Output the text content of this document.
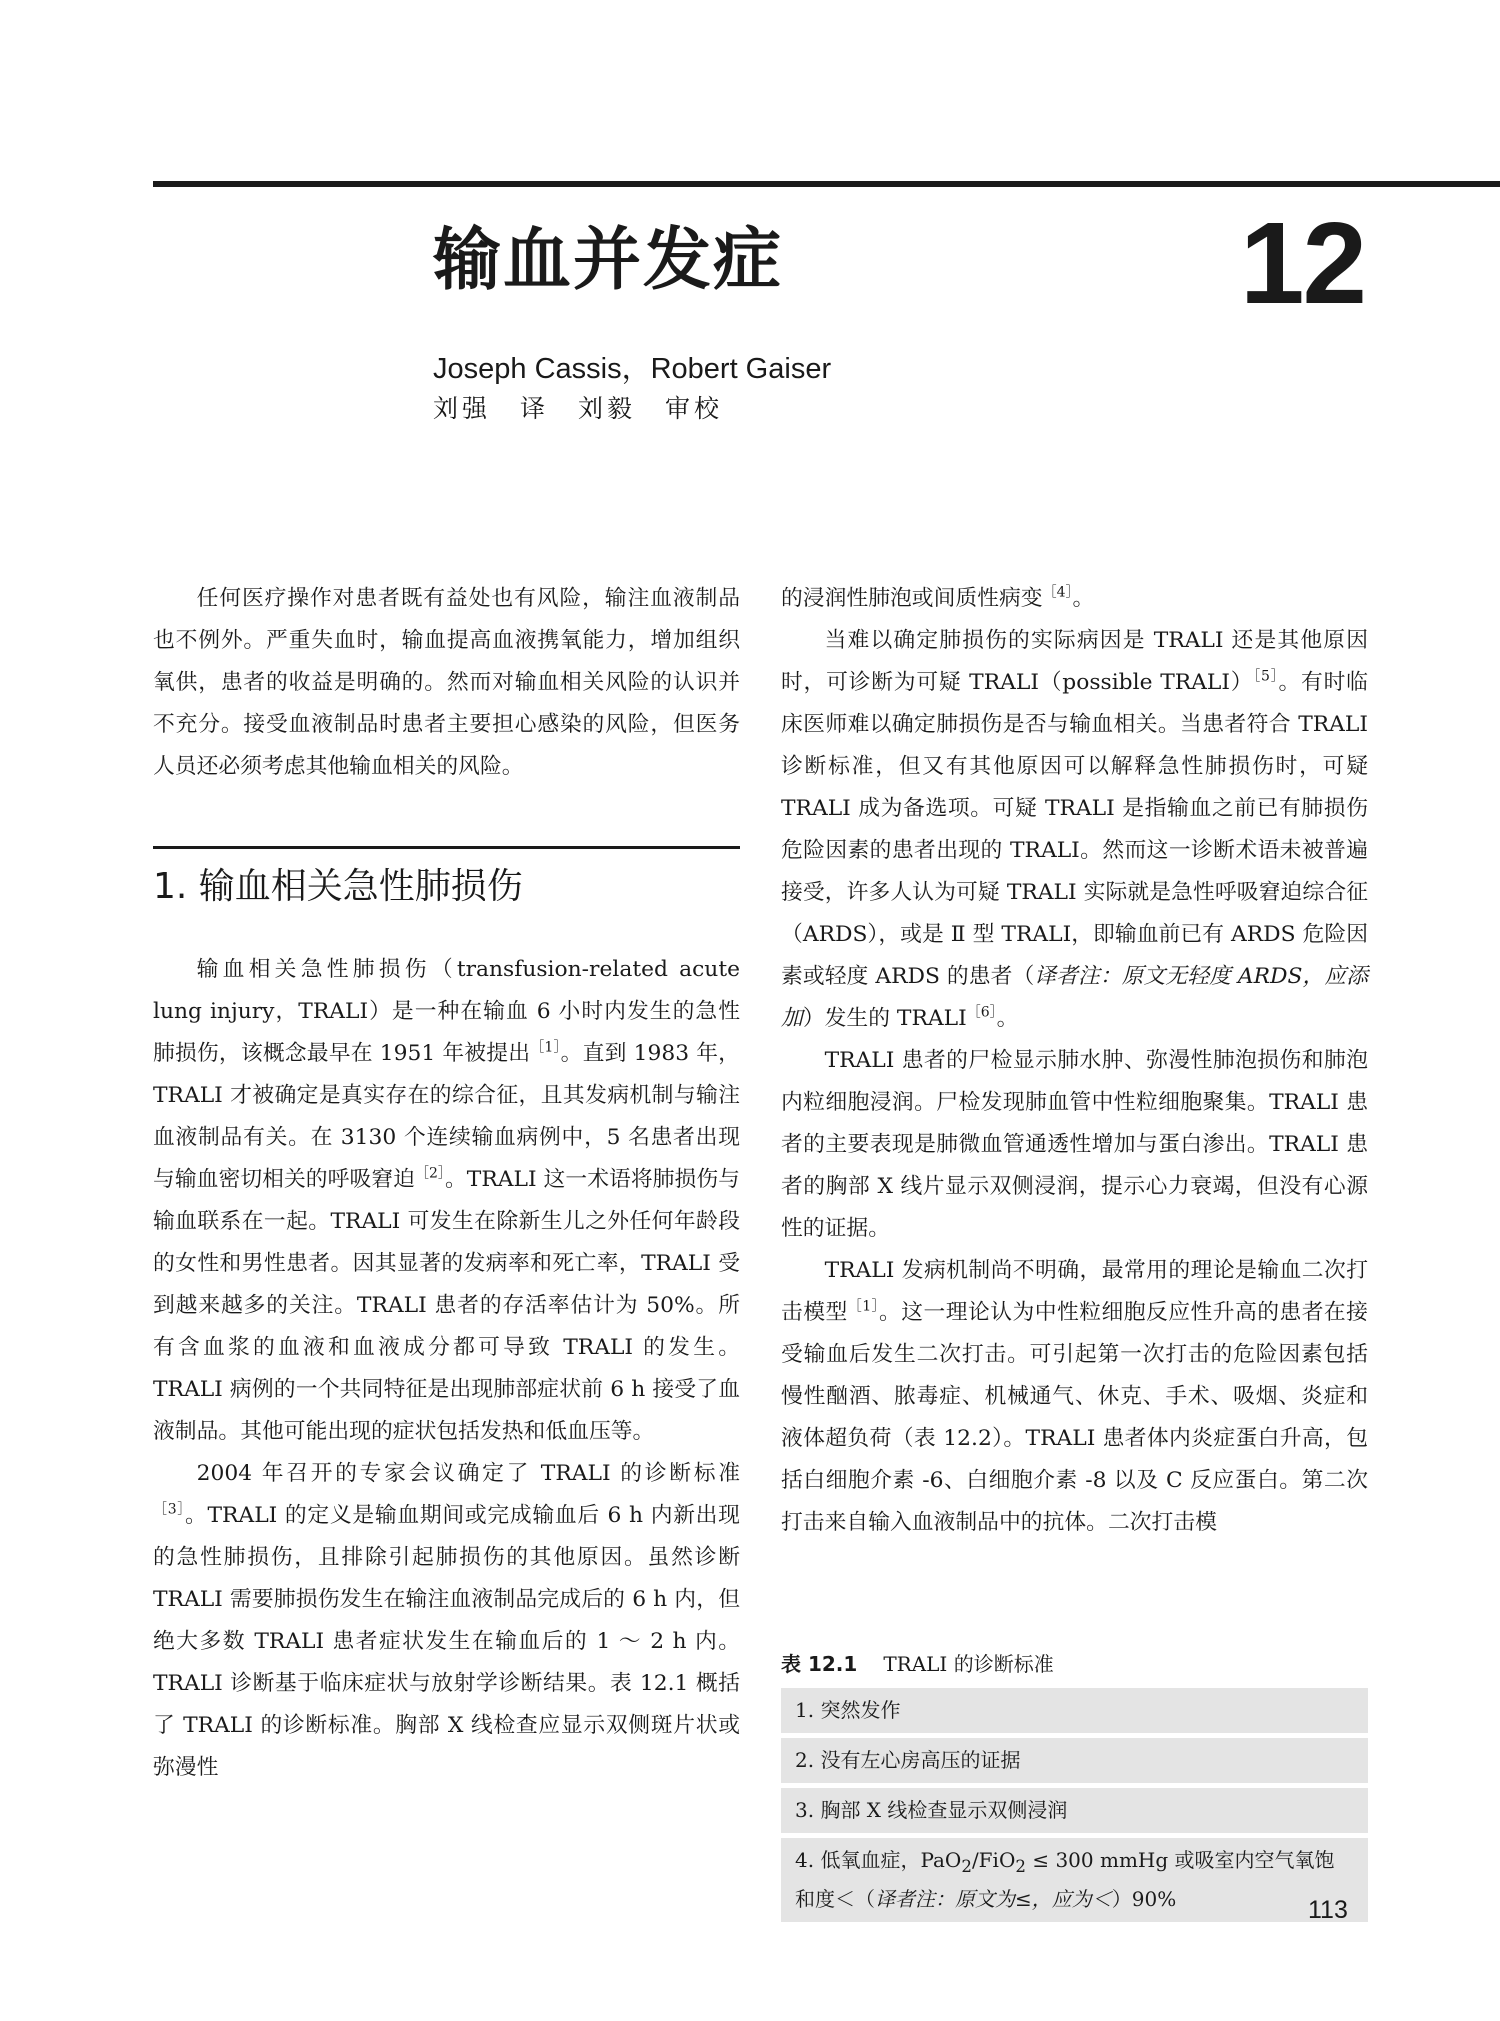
输血并发症	12
Joseph Cassis，Robert Gaiser
刘强　译　刘毅　审校

任何医疗操作对患者既有益处也有风险，输注血液制品也不例外。严重失血时，输血提高血液携氧能力，增加组织氧供，患者的收益是明确的。然而对输血相关风险的认识并不充分。接受血液制品时患者主要担心感染的风险，但医务人员还必须考虑其他输血相关的风险。

1. 输血相关急性肺损伤

输血相关急性肺损伤（transfusion-related acute lung injury，TRALI）是一种在输血 6 小时内发生的急性肺损伤，该概念最早在 1951 年被提出$^{[1]}$。直到 1983 年，TRALI 才被确定是真实存在的综合征，且其发病机制与输注血液制品有关。在 3130 个连续输血病例中，5 名患者出现与输血密切相关的呼吸窘迫$^{[2]}$。TRALI 这一术语将肺损伤与输血联系在一起。TRALI 可发生在除新生儿之外任何年龄段的女性和男性患者。因其显著的发病率和死亡率，TRALI 受到越来越多的关注。TRALI 患者的存活率估计为 50%。所有含血浆的血液和血液成分都可导致 TRALI 的发生。TRALI 病例的一个共同特征是出现肺部症状前 6 h 接受了血液制品。其他可能出现的症状包括发热和低血压等。

2004 年召开的专家会议确定了 TRALI 的诊断标准$^{[3]}$。TRALI 的定义是输血期间或完成输血后 6 h 内新出现的急性肺损伤，且排除引起肺损伤的其他原因。虽然诊断 TRALI 需要肺损伤发生在输注血液制品完成后的 6 h 内，但绝大多数 TRALI 患者症状发生在输血后的 1 ～ 2 h 内。TRALI 诊断基于临床症状与放射学诊断结果。表 12.1 概括了 TRALI 的诊断标准。胸部 X 线检查应显示双侧斑片状或弥漫性

的浸润性肺泡或间质性病变$^{[4]}$。

当难以确定肺损伤的实际病因是 TRALI 还是其他原因时，可诊断为可疑 TRALI（possible TRALI）$^{[5]}$。有时临床医师难以确定肺损伤是否与输血相关。当患者符合 TRALI 诊断标准，但又有其他原因可以解释急性肺损伤时，可疑 TRALI 成为备选项。可疑 TRALI 是指输血之前已有肺损伤危险因素的患者出现的 TRALI。然而这一诊断术语未被普遍接受，许多人认为可疑 TRALI 实际就是急性呼吸窘迫综合征（ARDS），或是 Ⅱ 型 TRALI，即输血前已有 ARDS 危险因素或轻度 ARDS 的患者（译者注：原文无轻度 ARDS，应添加）发生的 $TRALI^{[6]}$。

TRALI 患者的尸检显示肺水肿、弥漫性肺泡损伤和肺泡内粒细胞浸润。尸检发现肺血管中性粒细胞聚集。TRALI 患者的主要表现是肺微血管通透性增加与蛋白渗出。TRALI 患者的胸部 X 线片显示双侧浸润，提示心力衰竭，但没有心源性的证据。

TRALI 发病机制尚不明确，最常用的理论是输血二次打击模型$^{[1]}$。这一理论认为中性粒细胞反应性升高的患者在接受输血后发生二次打击。可引起第一次打击的危险因素包括慢性酗酒、脓毒症、机械通气、休克、手术、吸烟、炎症和液体超负荷（表 12.2）。TRALI 患者体内炎症蛋白升高，包括白细胞介素 -6、白细胞介素 -8 以及 C 反应蛋白。第二次打击来自输入血液制品中的抗体。二次打击模

表 12.1 TRALI 的诊断标准
1. 突然发作
2. 没有左心房高压的证据
3. 胸部 X 线检查显示双侧浸润
4. 低氧血症，PaO$_2$/FiO$_2$ ≤ 300 mmHg 或吸室内空气氧饱和度＜（译者注：原文为≤，应为＜）90%	113
